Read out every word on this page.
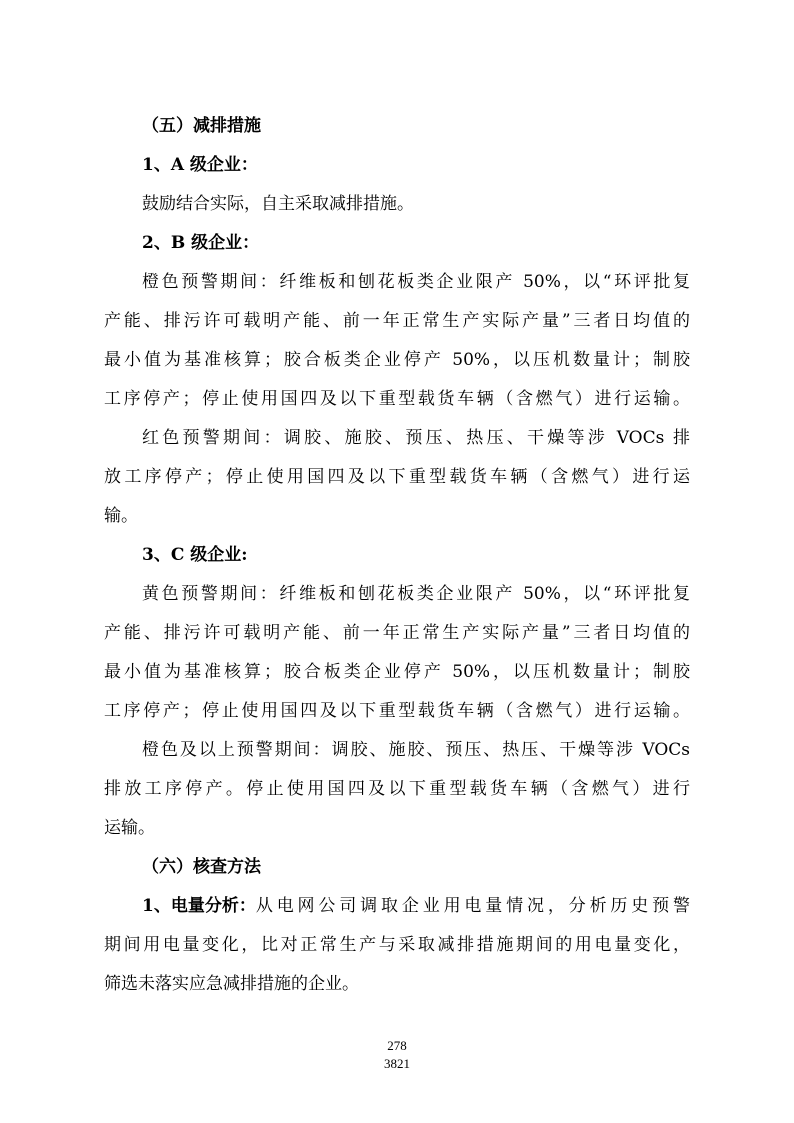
（五）减排措施
1、A 级企业：
鼓励结合实际，自主采取减排措施。
2、B 级企业：
橙色预警期间：纤维板和刨花板类企业限产 50%，以“环评批复
产能、排污许可载明产能、前一年正常生产实际产量”三者日均值的
最小值为基准核算；胶合板类企业停产 50%，以压机数量计；制胶
工序停产；停止使用国四及以下重型载货车辆（含燃气）进行运输。
红色预警期间：调胶、施胶、预压、热压、干燥等涉 VOCs 排
放工序停产；停止使用国四及以下重型载货车辆（含燃气）进行运
输。
3、C 级企业:
黄色预警期间：纤维板和刨花板类企业限产 50%，以“环评批复
产能、排污许可载明产能、前一年正常生产实际产量”三者日均值的
最小值为基准核算；胶合板类企业停产 50%，以压机数量计；制胶
工序停产；停止使用国四及以下重型载货车辆（含燃气）进行运输。
橙色及以上预警期间：调胶、施胶、预压、热压、干燥等涉 VOCs
排放工序停产。停止使用国四及以下重型载货车辆（含燃气）进行
运输。
（六）核查方法
1、电量分析： 从电网公司调取企业用电量情况，分析历史预警
期间用电量变化，比对正常生产与采取减排措施期间的用电量变化，
筛选未落实应急减排措施的企业。
278
3821
